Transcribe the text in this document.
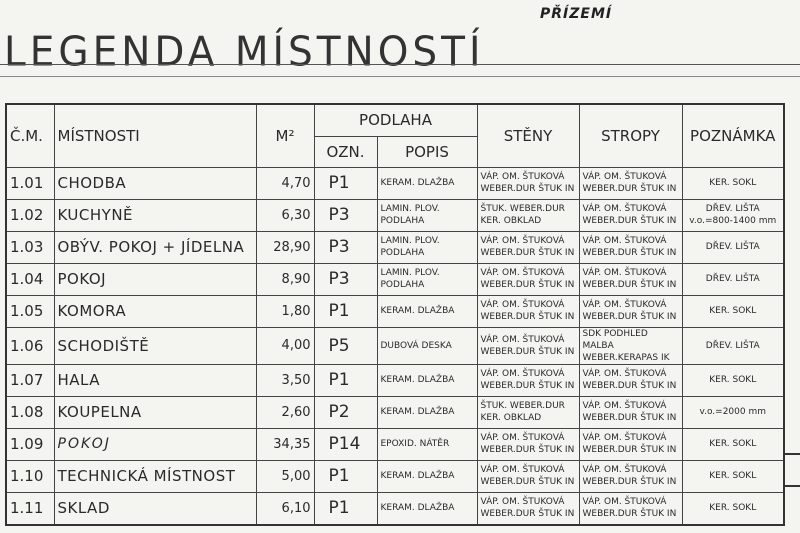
PŘÍZEMÍ
LEGENDA MÍSTNOSTÍ
Č.M.	MÍSTNOSTI	M²	PODLAHA		STĚNY	STROPY	POZNÁMKA
			OZN.	POPIS			
1.01	CHODBA	4,70	P1	KERAM. DLAŽBA	VÁP. OM. ŠTUKOVÁ WEBER.DUR ŠTUK IN	VÁP. OM. ŠTUKOVÁ WEBER.DUR ŠTUK IN	KER. SOKL
1.02	KUCHYNĚ	6,30	P3	LAMIN. PLOV. PODLAHA	ŠTUK. WEBER.DUR KER. OBKLAD	VÁP. OM. ŠTUKOVÁ WEBER.DUR ŠTUK IN	DŘEV. LIŠTA v.o.=800-1400 mm
1.03	OBÝV. POKOJ + JÍDELNA	28,90	P3	LAMIN. PLOV. PODLAHA	VÁP. OM. ŠTUKOVÁ WEBER.DUR ŠTUK IN	VÁP. OM. ŠTUKOVÁ WEBER.DUR ŠTUK IN	DŘEV. LIŠTA
1.04	POKOJ	8,90	P3	LAMIN. PLOV. PODLAHA	VÁP. OM. ŠTUKOVÁ WEBER.DUR ŠTUK IN	VÁP. OM. ŠTUKOVÁ WEBER.DUR ŠTUK IN	DŘEV. LIŠTA
1.05	KOMORA	1,80	P1	KERAM. DLAŽBA	VÁP. OM. ŠTUKOVÁ WEBER.DUR ŠTUK IN	VÁP. OM. ŠTUKOVÁ WEBER.DUR ŠTUK IN	KER. SOKL
1.06	SCHODIŠTĚ	4,00	P5	DUBOVÁ DESKA	VÁP. OM. ŠTUKOVÁ WEBER.DUR ŠTUK IN	SDK PODHLED MALBA WEBER.KERAPAS IK	DŘEV. LIŠTA
1.07	HALA	3,50	P1	KERAM. DLAŽBA	VÁP. OM. ŠTUKOVÁ WEBER.DUR ŠTUK IN	VÁP. OM. ŠTUKOVÁ WEBER.DUR ŠTUK IN	KER. SOKL
1.08	KOUPELNA	2,60	P2	KERAM. DLAŽBA	ŠTUK. WEBER.DUR KER. OBKLAD	VÁP. OM. ŠTUKOVÁ WEBER.DUR ŠTUK IN	v.o.=2000 mm
1.09	POKOJ	34,35	P14	EPOXID. NÁTĚR	VÁP. OM. ŠTUKOVÁ WEBER.DUR ŠTUK IN	VÁP. OM. ŠTUKOVÁ WEBER.DUR ŠTUK IN	KER. SOKL
1.10	TECHNICKÁ MÍSTNOST	5,00	P1	KERAM. DLAŽBA	VÁP. OM. ŠTUKOVÁ WEBER.DUR ŠTUK IN	VÁP. OM. ŠTUKOVÁ WEBER.DUR ŠTUK IN	KER. SOKL
1.11	SKLAD	6,10	P1	KERAM. DLAŽBA	VÁP. OM. ŠTUKOVÁ WEBER.DUR ŠTUK IN	VÁP. OM. ŠTUKOVÁ WEBER.DUR ŠTUK IN	KER. SOKL
